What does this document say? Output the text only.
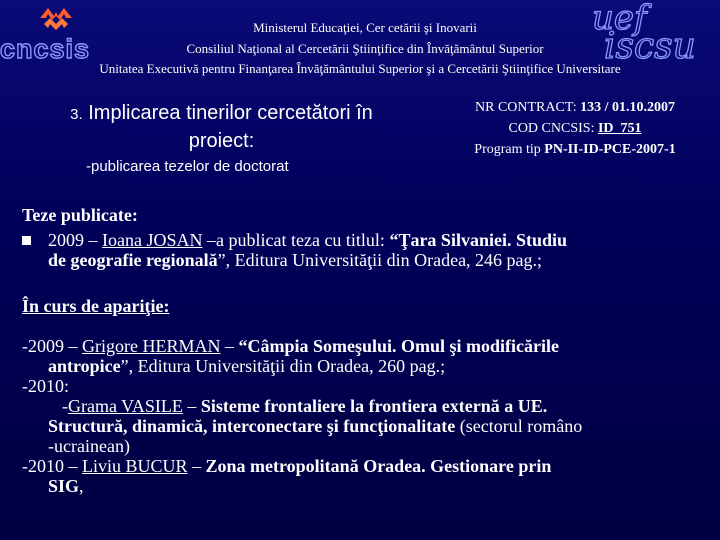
cncsis
uef
iscsu
Ministerul Educaţiei, Cer cetării şi Inovarii
Consiliul Naţional al Cercetării Ştiinţifice din Învăţământul Superior
Unitatea Executivă pentru Finanţarea Învăţământului Superior şi a Cercetării Ştiinţifice Universitare
3. Implicarea tinerilor cercetători în
proiect:
-publicarea tezelor de doctorat
NR CONTRACT: 133 / 01.10.2007
COD CNCSIS: ID_751
Program tip PN-II-ID-PCE-2007-1
Teze publicate:
2009 – Ioana JOSAN –a publicat teza cu titlul: “Ţara Silvaniei. Studiu
de geografie regională”, Editura Universităţii din Oradea, 246 pag.;
În curs de apariţie:

-2009 – Grigore HERMAN – “Câmpia Someşului. Omul şi modificările

antropice”, Editura Universităţii din Oradea, 260 pag.;

-2010:

-Grama VASILE – Sisteme frontaliere la frontiera externă a UE.

Structură, dinamică, interconectare şi funcţionalitate (sectorul româno

-ucrainean)

-2010 – Liviu BUCUR – Zona metropolitană Oradea. Gestionare prin

SIG,
